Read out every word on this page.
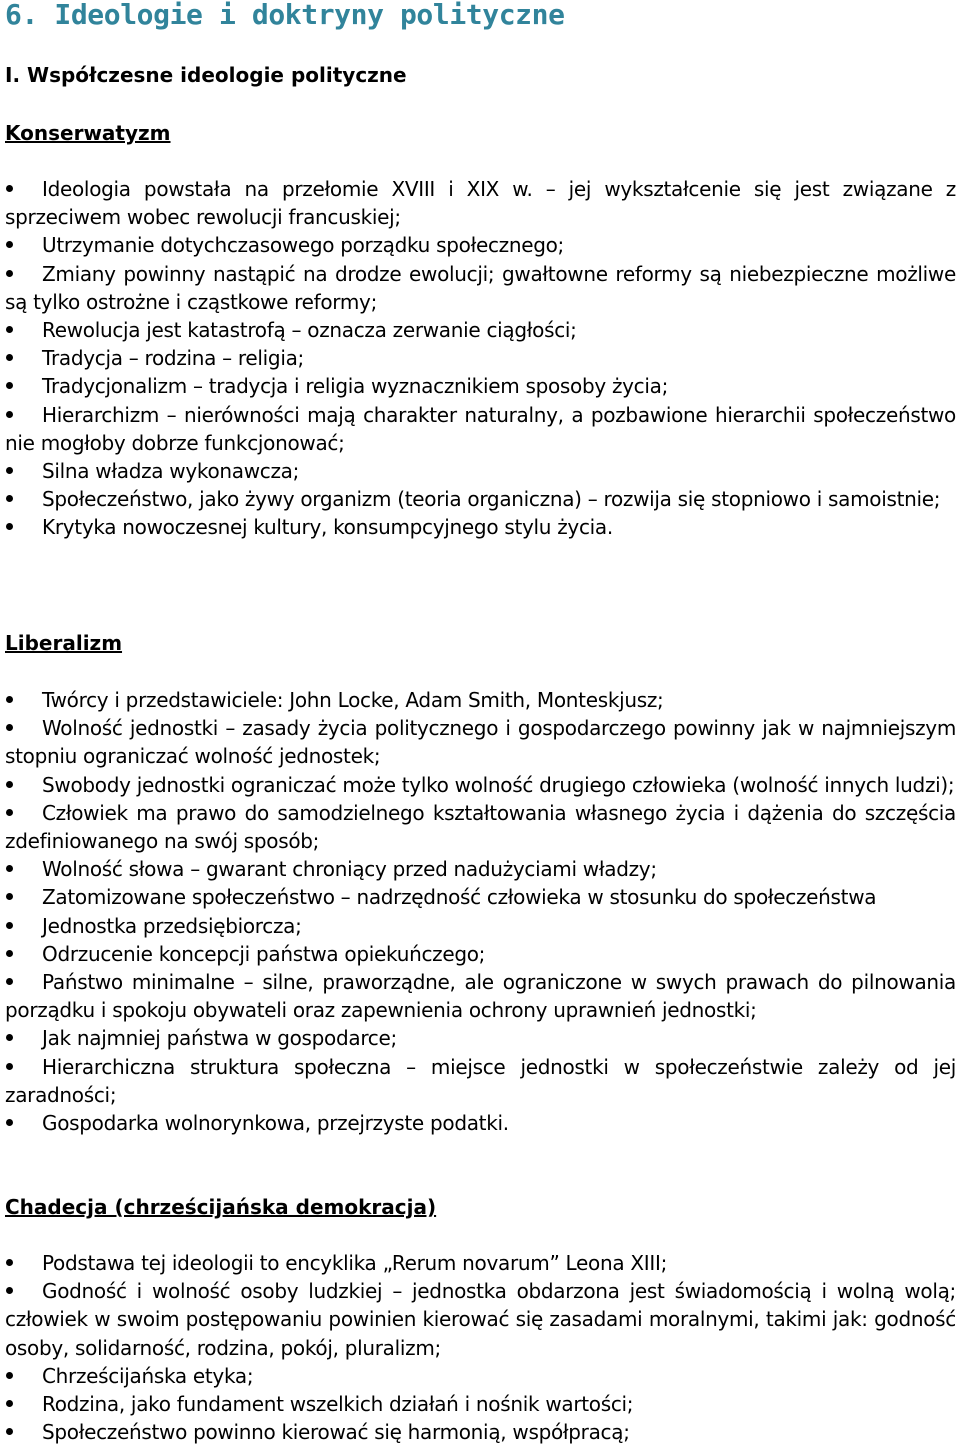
6. Ideologie i doktryny polityczne
I. Współczesne ideologie polityczne
Konserwatyzm
Ideologia powstała na przełomie XVIII i XIX w. – jej wykształcenie się jest związane z sprzeciwem wobec rewolucji francuskiej;
Utrzymanie dotychczasowego porządku społecznego;
Zmiany powinny nastąpić na drodze ewolucji; gwałtowne reformy są niebezpieczne możliwe są tylko ostrożne i cząstkowe reformy;
Rewolucja jest katastrofą – oznacza zerwanie ciągłości;
Tradycja – rodzina – religia;
Tradycjonalizm – tradycja i religia wyznacznikiem sposoby życia;
Hierarchizm – nierówności mają charakter naturalny, a pozbawione hierarchii społeczeństwo nie mogłoby dobrze funkcjonować;
Silna władza wykonawcza;
Społeczeństwo, jako żywy organizm (teoria organiczna) – rozwija się stopniowo i samoistnie;
Krytyka nowoczesnej kultury, konsumpcyjnego stylu życia.
Liberalizm
Twórcy i przedstawiciele: John Locke, Adam Smith, Monteskjusz;
Wolność jednostki – zasady życia politycznego i gospodarczego powinny jak w najmniejszym stopniu ograniczać wolność jednostek;
Swobody jednostki ograniczać może tylko wolność drugiego człowieka (wolność innych ludzi);
Człowiek ma prawo do samodzielnego kształtowania własnego życia i dążenia do szczęścia zdefiniowanego na swój sposób;
Wolność słowa – gwarant chroniący przed nadużyciami władzy;
Zatomizowane społeczeństwo – nadrzędność człowieka w stosunku do społeczeństwa
Jednostka przedsiębiorcza;
Odrzucenie koncepcji państwa opiekuńczego;
Państwo minimalne – silne, praworządne, ale ograniczone w swych prawach do pilnowania porządku i spokoju obywateli oraz zapewnienia ochrony uprawnień jednostki;
Jak najmniej państwa w gospodarce;
Hierarchiczna struktura społeczna – miejsce jednostki w społeczeństwie zależy od jej zaradności;
Gospodarka wolnorynkowa, przejrzyste podatki.
Chadecja (chrześcijańska demokracja)
Podstawa tej ideologii to encyklika „Rerum novarum” Leona XIII;
Godność i wolność osoby ludzkiej – jednostka obdarzona jest świadomością i wolną wolą; człowiek w swoim postępowaniu powinien kierować się zasadami moralnymi, takimi jak: godność osoby, solidarność, rodzina, pokój, pluralizm;
Chrześcijańska etyka;
Rodzina, jako fundament wszelkich działań i nośnik wartości;
Społeczeństwo powinno kierować się harmonią, współpracą;
